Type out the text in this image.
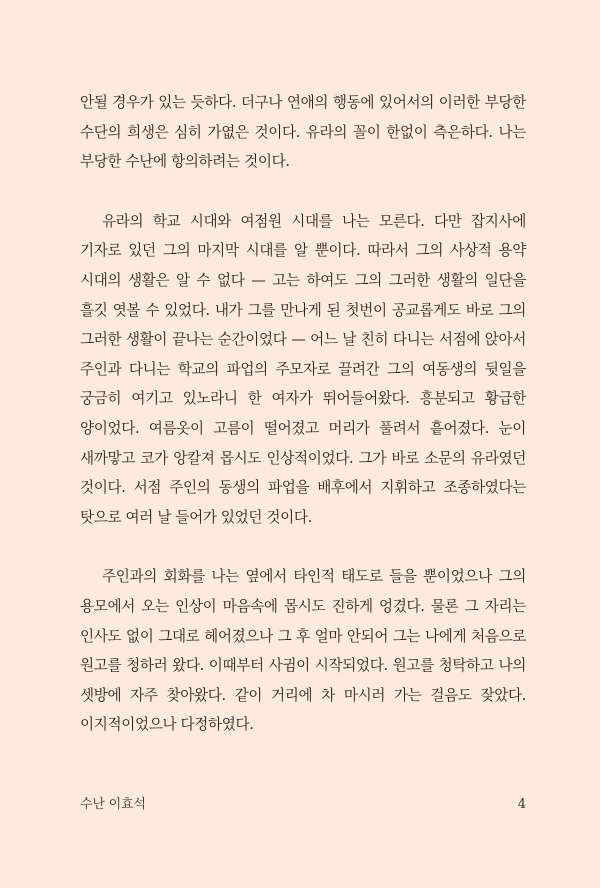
안될 경우가 있는 듯하다. 더구나 연애의 행동에 있어서의 이러한 부당한 수단의 희생은 심히 가엾은 것이다. 유라의 꼴이 한없이 측은하다. 나는 부당한 수난에 항의하려는 것이다.

유라의 학교 시대와 여점원 시대를 나는 모른다. 다만 잡지사에 기자로 있던 그의 마지막 시대를 알 뿐이다. 따라서 그의 사상적 용약 시대의 생활은 알 수 없다 — 고는 하여도 그의 그러한 생활의 일단을 흘깃 엿볼 수 있었다. 내가 그를 만나게 된 첫번이 공교롭게도 바로 그의 그러한 생활이 끝나는 순간이었다 — 어느 날 친히 다니는 서점에 앉아서 주인과 다니는 학교의 파업의 주모자로 끌려간 그의 여동생의 뒷일을 궁금히 여기고 있노라니 한 여자가 뛰어들어왔다. 흥분되고 황급한 양이었다. 여름옷이 고름이 떨어졌고 머리가 풀려서 흩어졌다. 눈이 새까맣고 코가 앙칼져 몹시도 인상적이었다. 그가 바로 소문의 유라였던 것이다. 서점 주인의 동생의 파업을 배후에서 지휘하고 조종하였다는 탓으로 여러 날 들어가 있었던 것이다.

주인과의 회화를 나는 옆에서 타인적 태도로 들을 뿐이었으나 그의 용모에서 오는 인상이 마음속에 몹시도 진하게 엉겼다. 물론 그 자리는 인사도 없이 그대로 헤어졌으나 그 후 얼마 안되어 그는 나에게 처음으로 원고를 청하러 왔다. 이때부터 사귐이 시작되었다. 원고를 청탁하고 나의 셋방에 자주 찾아왔다. 같이 거리에 차 마시러 가는 걸음도 잦았다. 이지적이었으나 다정하였다.

수난 이효석	4
